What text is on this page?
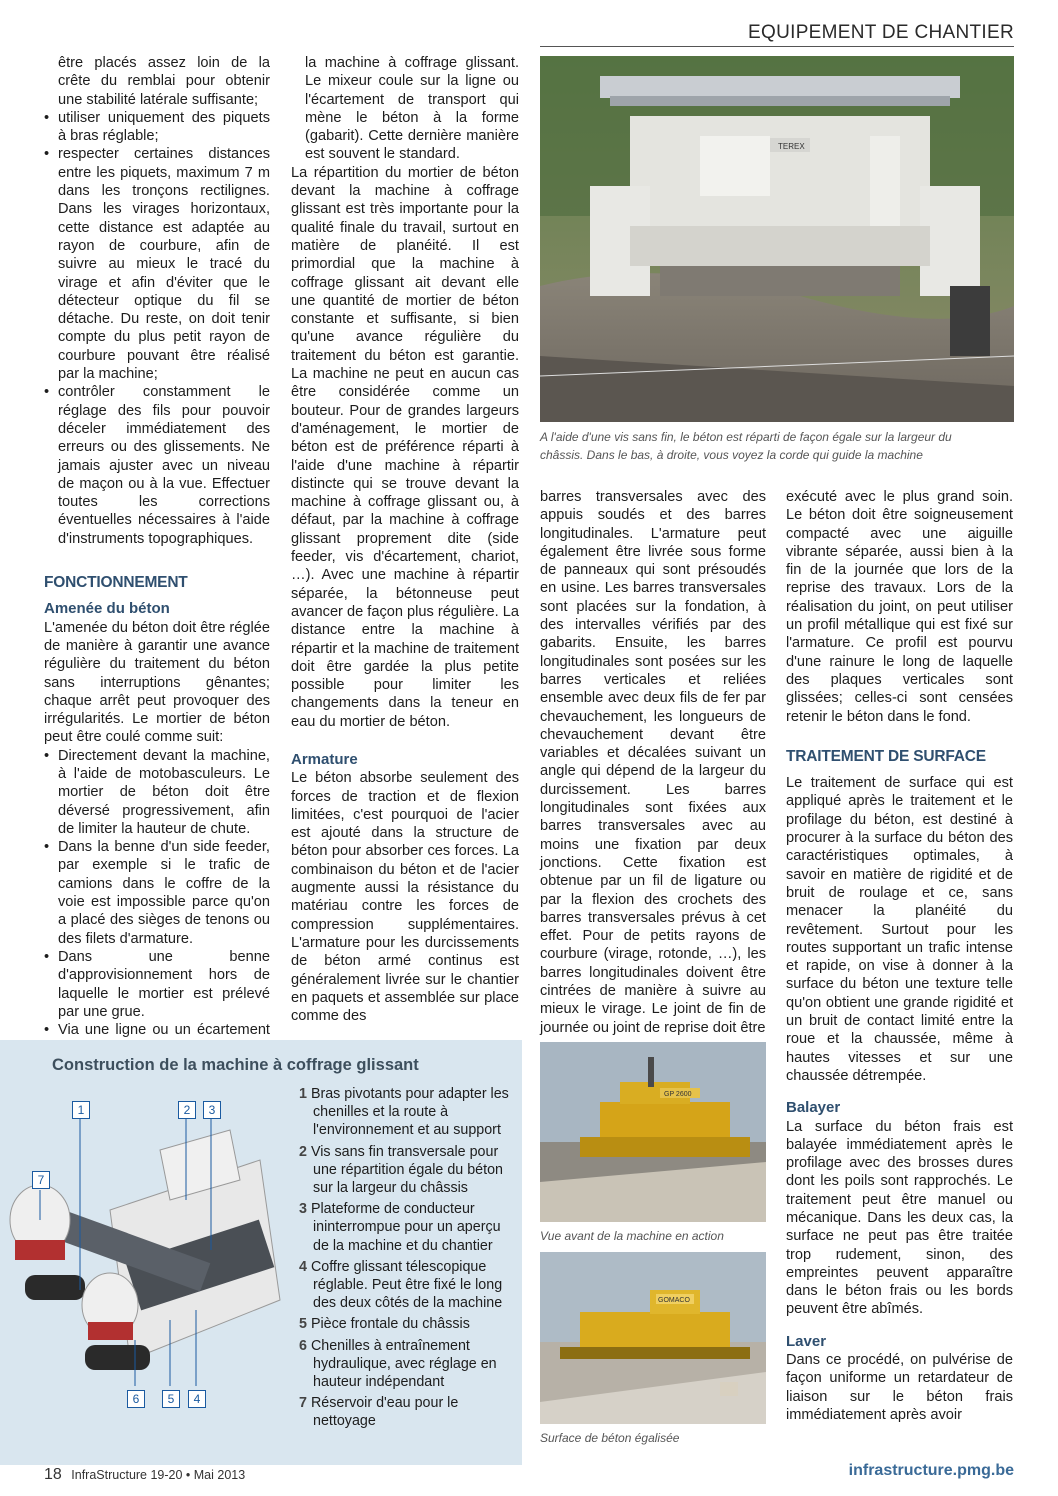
EQUIPEMENT DE CHANTIER

être placés assez loin de la crête du remblai pour obtenir une stabilité latérale suffisante;

• utiliser uniquement des piquets à bras réglable;
• respecter certaines distances entre les piquets, maximum 7 m dans les tronçons rectilignes. Dans les virages horizontaux, cette distance est adaptée au rayon de courbure, afin de suivre au mieux le tracé du virage et afin d'éviter que le détecteur optique du fil se détache. Du reste, on doit tenir compte du plus petit rayon de courbure pouvant être réalisé par la machine;
• contrôler constamment le réglage des fils pour pouvoir déceler immédiatement des erreurs ou des glissements. Ne jamais ajuster avec un niveau de maçon ou à la vue. Effectuer toutes les corrections éventuelles nécessaires à l'aide d'instruments topographiques.
FONCTIONNEMENT
Amenée du béton

L'amenée du béton doit être réglée de manière à garantir une avance régulière du traitement du béton sans interruptions gênantes; chaque arrêt peut provoquer des irrégularités. Le mortier de béton peut être coulé comme suit:

• Directement devant la machine, à l'aide de motobasculeurs. Le mortier de béton doit être déversé progressivement, afin de limiter la hauteur de chute.
• Dans la benne d'un side feeder, par exemple si le trafic de camions dans le coffre de la voie est impossible parce qu'on a placé des sièges de tenons ou des filets d'armature.
• Dans une benne d'approvisionnement hors de laquelle le mortier est prélevé par une grue.
• Via une ligne ou un écartement

la machine à coffrage glissant. Le mixeur coule sur la ligne ou l'écartement de transport qui mène le béton à la forme (gabarit). Cette dernière manière est souvent le standard.

La répartition du mortier de béton devant la machine à coffrage glissant est très importante pour la qualité finale du travail, surtout en matière de planéité. Il est primordial que la machine à coffrage glissant ait devant elle une quantité de mortier de béton constante et suffisante, si bien qu'une avance régulière du traitement du béton est garantie. La machine ne peut en aucun cas être considérée comme un bouteur. Pour de grandes largeurs d'aménagement, le mortier de béton est de préférence réparti à l'aide d'une machine à répartir distincte qui se trouve devant la machine à coffrage glissant ou, à défaut, par la machine à coffrage glissant proprement dite (side feeder, vis d'écartement, chariot, …). Avec une machine à répartir séparée, la bétonneuse peut avancer de façon plus régulière. La distance entre la machine à répartir et la machine de traitement doit être gardée la plus petite possible pour limiter les changements dans la teneur en eau du mortier de béton.

Armature

Le béton absorbe seulement des forces de traction et de flexion limitées, c'est pourquoi de l'acier est ajouté dans la structure de béton pour absorber ces forces. La combinaison du béton et de l'acier augmente aussi la résistance du matériau contre les forces de compression supplémentaires. L'armature pour les durcissements de béton armé continus est généralement livrée sur le chantier en paquets et assemblée sur place comme des

TEREX
A l'aide d'une vis sans fin, le béton est réparti de façon égale sur la largeur du châssis. Dans le bas, à droite, vous voyez la corde qui guide la machine

barres transversales avec des appuis soudés et des barres longitudinales. L'armature peut également être livrée sous forme de panneaux qui sont présoudés en usine. Les barres transversales sont placées sur la fondation, à des intervalles vérifiés par des gabarits. Ensuite, les barres longitudinales sont posées sur les barres verticales et reliées ensemble avec deux fils de fer par chevauchement, les longueurs de chevauchement devant être variables et décalées suivant un angle qui dépend de la largeur du durcissement. Les barres longitudinales sont fixées aux barres transversales avec au moins une fixation par deux jonctions. Cette fixation est obtenue par un fil de ligature ou par la flexion des crochets des barres transversales prévus à cet effet. Pour de petits rayons de courbure (virage, rotonde, …), les barres longitudinales doivent être cintrées de manière à suivre au mieux le virage. Le joint de fin de journée ou joint de reprise doit être

exécuté avec le plus grand soin. Le béton doit être soigneusement compacté avec une aiguille vibrante séparée, aussi bien à la fin de la journée que lors de la reprise des travaux. Lors de la réalisation du joint, on peut utiliser un profil métallique qui est fixé sur l'armature. Ce profil est pourvu d'une rainure le long de laquelle des plaques verticales sont glissées; celles-ci sont censées retenir le béton dans le fond.

TRAITEMENT DE SURFACE

Le traitement de surface qui est appliqué après le traitement et le profilage du béton, est destiné à procurer à la surface du béton des caractéristiques optimales, à savoir en matière de rigidité et de bruit de roulage et ce, sans menacer la planéité du revêtement. Surtout pour les routes supportant un trafic intense et rapide, on vise à donner à la surface du béton une texture telle qu'on obtient une grande rigidité et un bruit de contact limité entre la roue et la chaussée, même à hautes vitesses et sur une chaussée détrempée.

Balayer

La surface du béton frais est balayée immédiatement après le profilage avec des brosses dures dont les poils sont rapprochés. Le traitement peut être manuel ou mécanique. Dans les deux cas, la surface ne peut pas être traitée trop rudement, sinon, des empreintes peuvent apparaître dans le béton frais ou les bords peuvent être abîmés.

Laver

Dans ce procédé, on pulvérise de façon uniforme un retardateur de liaison sur le béton frais immédiatement après avoir

GP 2600
Vue avant de la machine en action
GOMACO
Surface de béton égalisée
Construction de la machine à coffrage glissant
1	2	3
7
6	5	4
1 Bras pivotants pour adapter les chenilles et la route à l'environnement et au support
2 Vis sans fin transversale pour une répartition égale du béton sur la largeur du châssis
3 Plateforme de conducteur ininterrompue pour un aperçu de la machine et du chantier
4 Coffre glissant télescopique réglable. Peut être fixé le long des deux côtés de la machine
5 Pièce frontale du châssis
6 Chenilles à entraînement hydraulique, avec réglage en hauteur indépendant
7 Réservoir d'eau pour le nettoyage
18 InfraStructure 19-20 • Mai 2013	infrastructure.pmg.be
